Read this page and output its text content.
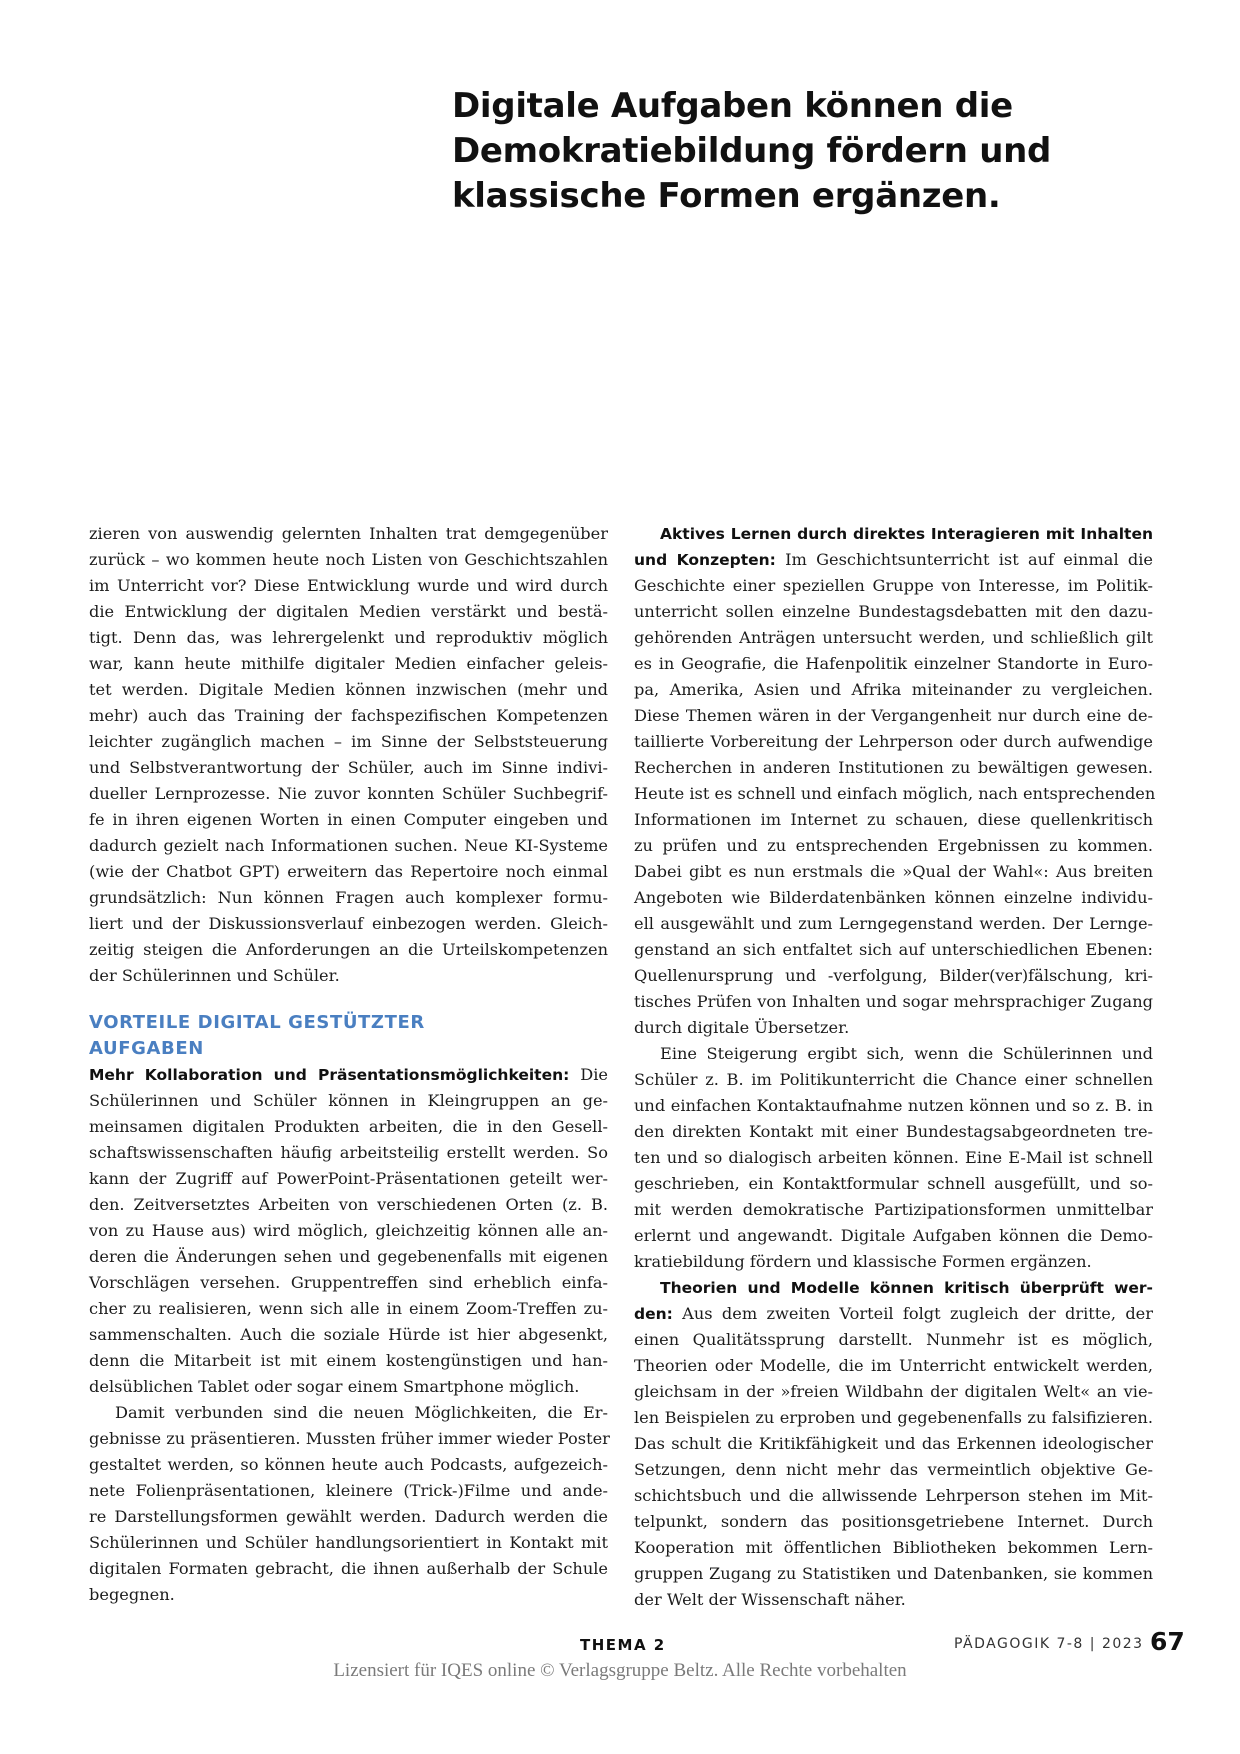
Digitale Aufgaben können die
Demokratiebildung fördern und
klassische Formen ergänzen.
zieren von auswendig gelernten Inhalten trat demgegenüber
zurück – wo kommen heute noch Listen von Geschichtszahlen
im Unterricht vor? Diese Entwicklung wurde und wird durch
die Entwicklung der digitalen Medien verstärkt und bestä-
tigt. Denn das, was lehrergelenkt und reproduktiv möglich
war, kann heute mithilfe digitaler Medien einfacher geleis-
tet werden. Digitale Medien können inzwischen (mehr und
mehr) auch das Training der fachspezifischen Kompetenzen
leichter zugänglich machen – im Sinne der Selbststeuerung
und Selbstverantwortung der Schüler, auch im Sinne indivi-
dueller Lernprozesse. Nie zuvor konnten Schüler Suchbegrif-
fe in ihren eigenen Worten in einen Computer eingeben und
dadurch gezielt nach Informationen suchen. Neue KI-Systeme
(wie der Chatbot GPT) erweitern das Repertoire noch einmal
grundsätzlich: Nun können Fragen auch komplexer formu-
liert und der Diskussionsverlauf einbezogen werden. Gleich-
zeitig steigen die Anforderungen an die Urteilskompetenzen
der Schülerinnen und Schüler.
VORTEILE DIGITAL GESTÜTZTER
AUFGABEN
Mehr Kollaboration und Präsentationsmöglichkeiten: Die
Schülerinnen und Schüler können in Kleingruppen an ge-
meinsamen digitalen Produkten arbeiten, die in den Gesell-
schaftswissenschaften häufig arbeitsteilig erstellt werden. So
kann der Zugriff auf PowerPoint-Präsentationen geteilt wer-
den. Zeitversetztes Arbeiten von verschiedenen Orten (z. B.
von zu Hause aus) wird möglich, gleichzeitig können alle an-
deren die Änderungen sehen und gegebenenfalls mit eigenen
Vorschlägen versehen. Gruppentreffen sind erheblich einfa-
cher zu realisieren, wenn sich alle in einem Zoom-Treffen zu-
sammenschalten. Auch die soziale Hürde ist hier abgesenkt,
denn die Mitarbeit ist mit einem kostengünstigen und han-
delsüblichen Tablet oder sogar einem Smartphone möglich.
Damit verbunden sind die neuen Möglichkeiten, die Er-
gebnisse zu präsentieren. Mussten früher immer wieder Poster
gestaltet werden, so können heute auch Podcasts, aufgezeich-
nete Folienpräsentationen, kleinere (Trick-)Filme und ande-
re Darstellungsformen gewählt werden. Dadurch werden die
Schülerinnen und Schüler handlungsorientiert in Kontakt mit
digitalen Formaten gebracht, die ihnen außerhalb der Schule
begegnen.
Aktives Lernen durch direktes Interagieren mit Inhalten
und Konzepten: Im Geschichtsunterricht ist auf einmal die
Geschichte einer speziellen Gruppe von Interesse, im Politik-
unterricht sollen einzelne Bundestagsdebatten mit den dazu-
gehörenden Anträgen untersucht werden, und schließlich gilt
es in Geografie, die Hafenpolitik einzelner Standorte in Euro-
pa, Amerika, Asien und Afrika miteinander zu vergleichen.
Diese Themen wären in der Vergangenheit nur durch eine de-
taillierte Vorbereitung der Lehrperson oder durch aufwendige
Recherchen in anderen Institutionen zu bewältigen gewesen.
Heute ist es schnell und einfach möglich, nach entsprechenden
Informationen im Internet zu schauen, diese quellenkritisch
zu prüfen und zu entsprechenden Ergebnissen zu kommen.
Dabei gibt es nun erstmals die »Qual der Wahl«: Aus breiten
Angeboten wie Bilderdatenbänken können einzelne individu-
ell ausgewählt und zum Lerngegenstand werden. Der Lernge-
genstand an sich entfaltet sich auf unterschiedlichen Ebenen:
Quellenursprung und -verfolgung, Bilder(ver)fälschung, kri-
tisches Prüfen von Inhalten und sogar mehrsprachiger Zugang
durch digitale Übersetzer.
Eine Steigerung ergibt sich, wenn die Schülerinnen und
Schüler z. B. im Politikunterricht die Chance einer schnellen
und einfachen Kontaktaufnahme nutzen können und so z. B. in
den direkten Kontakt mit einer Bundestagsabgeordneten tre-
ten und so dialogisch arbeiten können. Eine E-Mail ist schnell
geschrieben, ein Kontaktformular schnell ausgefüllt, und so-
mit werden demokratische Partizipationsformen unmittelbar
erlernt und angewandt. Digitale Aufgaben können die Demo-
kratiebildung fördern und klassische Formen ergänzen.
Theorien und Modelle können kritisch überprüft wer-
den: Aus dem zweiten Vorteil folgt zugleich der dritte, der
einen Qualitätssprung darstellt. Nunmehr ist es möglich,
Theorien oder Modelle, die im Unterricht entwickelt werden,
gleichsam in der »freien Wildbahn der digitalen Welt« an vie-
len Beispielen zu erproben und gegebenenfalls zu falsifizieren.
Das schult die Kritikfähigkeit und das Erkennen ideologischer
Setzungen, denn nicht mehr das vermeintlich objektive Ge-
schichtsbuch und die allwissende Lehrperson stehen im Mit-
telpunkt, sondern das positionsgetriebene Internet. Durch
Kooperation mit öffentlichen Bibliotheken bekommen Lern-
gruppen Zugang zu Statistiken und Datenbanken, sie kommen
der Welt der Wissenschaft näher.
THEMA 2	PÄDAGOGIK 7-8 | 2023 67
Lizensiert für IQES online © Verlagsgruppe Beltz. Alle Rechte vorbehalten
